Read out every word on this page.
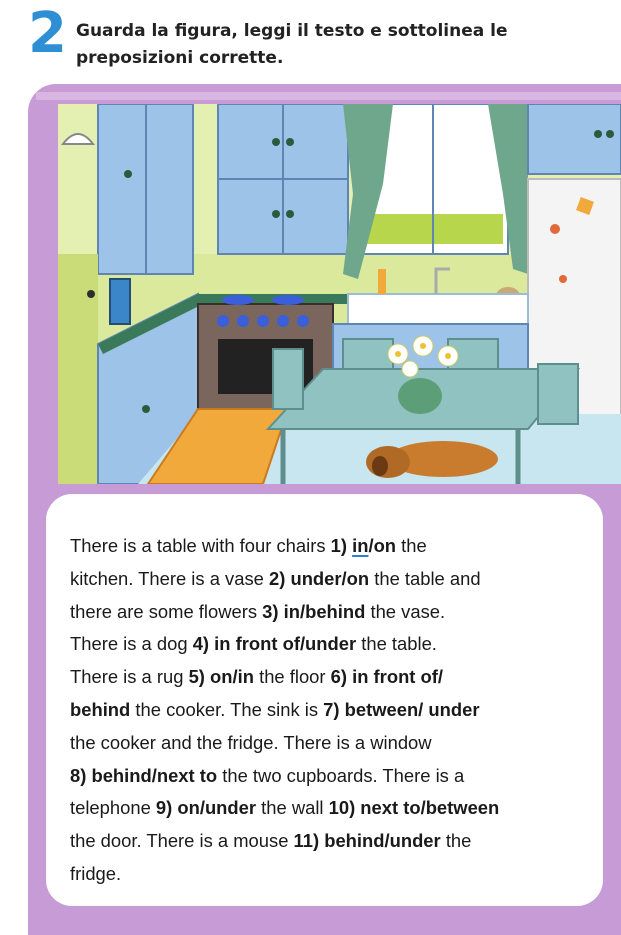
2 Guarda la figura, leggi il testo e sottolinea le preposizioni corrette.
There is a table with four chairs 1) in/on the
kitchen. There is a vase 2) under/on the table and
there are some flowers 3) in/behind the vase.
There is a dog 4) in front of/under the table.
There is a rug 5) on/in the floor 6) in front of/
behind the cooker. The sink is 7) between/ under
the cooker and the fridge. There is a window
8) behind/next to the two cupboards. There is a
telephone 9) on/under the wall 10) next to/between
the door. There is a mouse 11) behind/under the
fridge.
